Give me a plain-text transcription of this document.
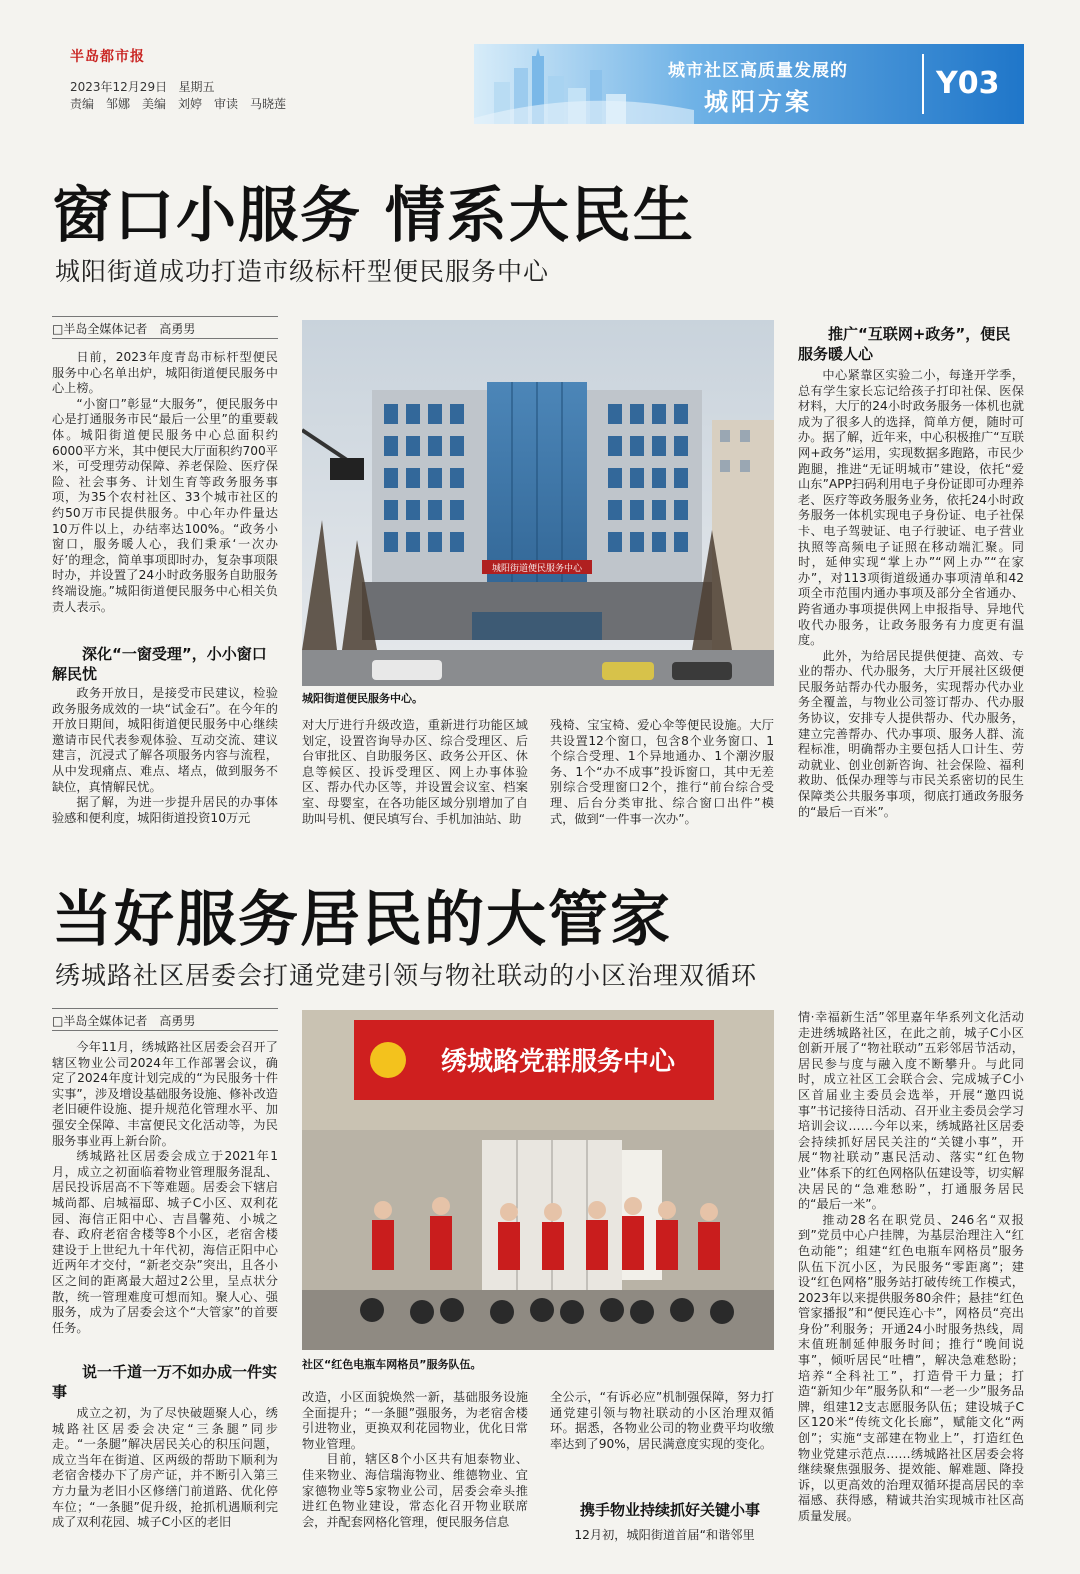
半岛都市报
2023年12月29日 星期五
责编　邹娜　美编　刘婷　审读　马晓莲
城市社区高质量发展的
城阳方案
Y03
窗口小服务 情系大民生
城阳街道成功打造市级标杆型便民服务中心
□半岛全媒体记者　高勇男

日前，2023年度青岛市标杆型便民服务中心名单出炉，城阳街道便民服务中心上榜。

“小窗口”彰显“大服务”，便民服务中心是打通服务市民“最后一公里”的重要载体。城阳街道便民服务中心总面积约6000平方米，其中便民大厅面积约700平米，可受理劳动保障、养老保险、医疗保险、社会事务、计划生育等政务服务事项，为35个农村社区、33个城市社区的约50万市民提供服务。中心年办件量达10万件以上，办结率达100%。“政务小窗口，服务暖人心，我们秉承‘一次办好’的理念，简单事项即时办，复杂事项限时办，并设置了24小时政务服务自助服务终端设施。”城阳街道便民服务中心相关负责人表示。

深化“一窗受理”，小小窗口解民忧

政务开放日，是接受市民建议，检验政务服务成效的一块“试金石”。在今年的开放日期间，城阳街道便民服务中心继续邀请市民代表参观体验、互动交流、建议建言，沉浸式了解各项服务内容与流程，从中发现痛点、难点、堵点，做到服务不缺位，真情解民忧。

据了解，为进一步提升居民的办事体验感和便利度，城阳街道投资10万元

城阳街道便民服务中心
城阳街道便民服务中心。

对大厅进行升级改造，重新进行功能区域划定，设置咨询导办区、综合受理区、后台审批区、自助服务区、政务公开区、休息等候区、投诉受理区、网上办事体验区、帮办代办区等，并设置会议室、档案室、母婴室，在各功能区域分别增加了自助叫号机、便民填写台、手机加油站、助

残椅、宝宝椅、爱心伞等便民设施。大厅共设置12个窗口，包含8个业务窗口、1个综合受理、1个异地通办、1个潮汐服务、1个“办不成事”投诉窗口，其中无差别综合受理窗口2个，推行“前台综合受理、后台分类审批、综合窗口出件”模式，做到“一件事一次办”。

推广“互联网+政务”，便民服务暖人心

中心紧靠区实验二小，每逢开学季，总有学生家长忘记给孩子打印社保、医保材料，大厅的24小时政务服务一体机也就成为了很多人的选择，简单方便，随时可办。据了解，近年来，中心积极推广“互联网+政务”运用，实现数据多跑路，市民少跑腿，推进“无证明城市”建设，依托“爱山东”APP扫码利用电子身份证即可办理养老、医疗等政务服务业务，依托24小时政务服务一体机实现电子身份证、电子社保卡、电子驾驶证、电子行驶证、电子营业执照等高频电子证照在移动端汇聚。同时，延伸实现“掌上办”“网上办”“在家办”，对113项街道级通办事项清单和42项全市范围内通办事项及部分全省通办、跨省通办事项提供网上申报指导、异地代收代办服务，让政务服务有力度更有温度。

此外，为给居民提供便捷、高效、专业的帮办、代办服务，大厅开展社区级便民服务站帮办代办服务，实现帮办代办业务全覆盖，与物业公司签订帮办、代办服务协议，安排专人提供帮办、代办服务，建立完善帮办、代办事项、服务人群、流程标准，明确帮办主要包括人口计生、劳动就业、创业创新咨询、社会保险、福利救助、低保办理等与市民关系密切的民生保障类公共服务事项，彻底打通政务服务的“最后一百米”。

当好服务居民的大管家
绣城路社区居委会打通党建引领与物社联动的小区治理双循环
□半岛全媒体记者　高勇男

今年11月，绣城路社区居委会召开了辖区物业公司2024年工作部署会议，确定了2024年度计划完成的“为民服务十件实事”，涉及增设基础服务设施、修补改造老旧硬件设施、提升规范化管理水平、加强安全保障、丰富便民文化活动等，为民服务事业再上新台阶。

绣城路社区居委会成立于2021年1月，成立之初面临着物业管理服务混乱、居民投诉居高不下等难题。居委会下辖启城尚都、启城福邸、城子C小区、双利花园、海信正阳中心、吉昌馨苑、小城之春、政府老宿舍楼等8个小区，老宿舍楼建设于上世纪九十年代初，海信正阳中心近两年才交付，“新老交杂”突出，且各小区之间的距离最大超过2公里，呈点状分散，统一管理难度可想而知。聚人心、强服务，成为了居委会这个“大管家”的首要任务。

说一千道一万不如办成一件实事

成立之初，为了尽快破题聚人心，绣城路社区居委会决定“三条腿”同步走。“一条腿”解决居民关心的积压问题，成立当年在街道、区两级的帮助下顺利为老宿舍楼办下了房产证，并不断引入第三方力量为老旧小区修缮门前道路、优化停车位；“一条腿”促升级，抢抓机遇顺利完成了双利花园、城子C小区的老旧

绣城路党群服务中心
社区“红色电瓶车网格员”服务队伍。

改造，小区面貌焕然一新，基础服务设施全面提升；“一条腿”强服务，为老宿舍楼引进物业，更换双利花园物业，优化日常物业管理。

目前，辖区8个小区共有旭泰物业、佳来物业、海信瑞海物业、维德物业、宜家德物业等5家物业公司，居委会牵头推进红色物业建设，常态化召开物业联席会，并配套网格化管理，便民服务信息

全公示，“有诉必应”机制强保障，努力打通党建引领与物社联动的小区治理双循环。据悉，各物业公司的物业费平均收缴率达到了90%，居民满意度实现的变化。

携手物业持续抓好关键小事

12月初，城阳街道首届“和谐邻里

情·幸福新生活”邻里嘉年华系列文化活动走进绣城路社区，在此之前，城子C小区创新开展了“物社联动”五彩邻居节活动，居民参与度与融入度不断攀升。与此同时，成立社区工会联合会、完成城子C小区首届业主委员会选举，开展“邀四说事”书记接待日活动、召开业主委员会学习培训会议……今年以来，绣城路社区居委会持续抓好居民关注的“关键小事”，开展“物社联动”惠民活动、落实“红色物业”体系下的红色网格队伍建设等，切实解决居民的“急难愁盼”，打通服务居民的“最后一米”。

推动28名在职党员、246名“双报到”党员中心户挂牌，为基层治理注入“红色动能”；组建“红色电瓶车网格员”服务队伍下沉小区，为民服务“零距离”；建设“红色网格”服务站打破传统工作模式，2023年以来提供服务80余件；悬挂“红色管家播报”和“便民连心卡”，网格员“亮出身份”利服务；开通24小时服务热线，周末值班制延伸服务时间；推行“晚间说事”，倾听居民“吐槽”，解决急难愁盼；培养“全科社工”，打造骨干力量；打造“新知少年”服务队和“一老一少”服务品牌，组建12支志愿服务队伍；建设城子C区120米“传统文化长廊”，赋能文化“两创”；实施“支部建在物业上”，打造红色物业党建示范点……绣城路社区居委会将继续聚焦强服务、提效能、解难题、降投诉，以更高效的治理双循环提高居民的幸福感、获得感，精诚共治实现城市社区高质量发展。
